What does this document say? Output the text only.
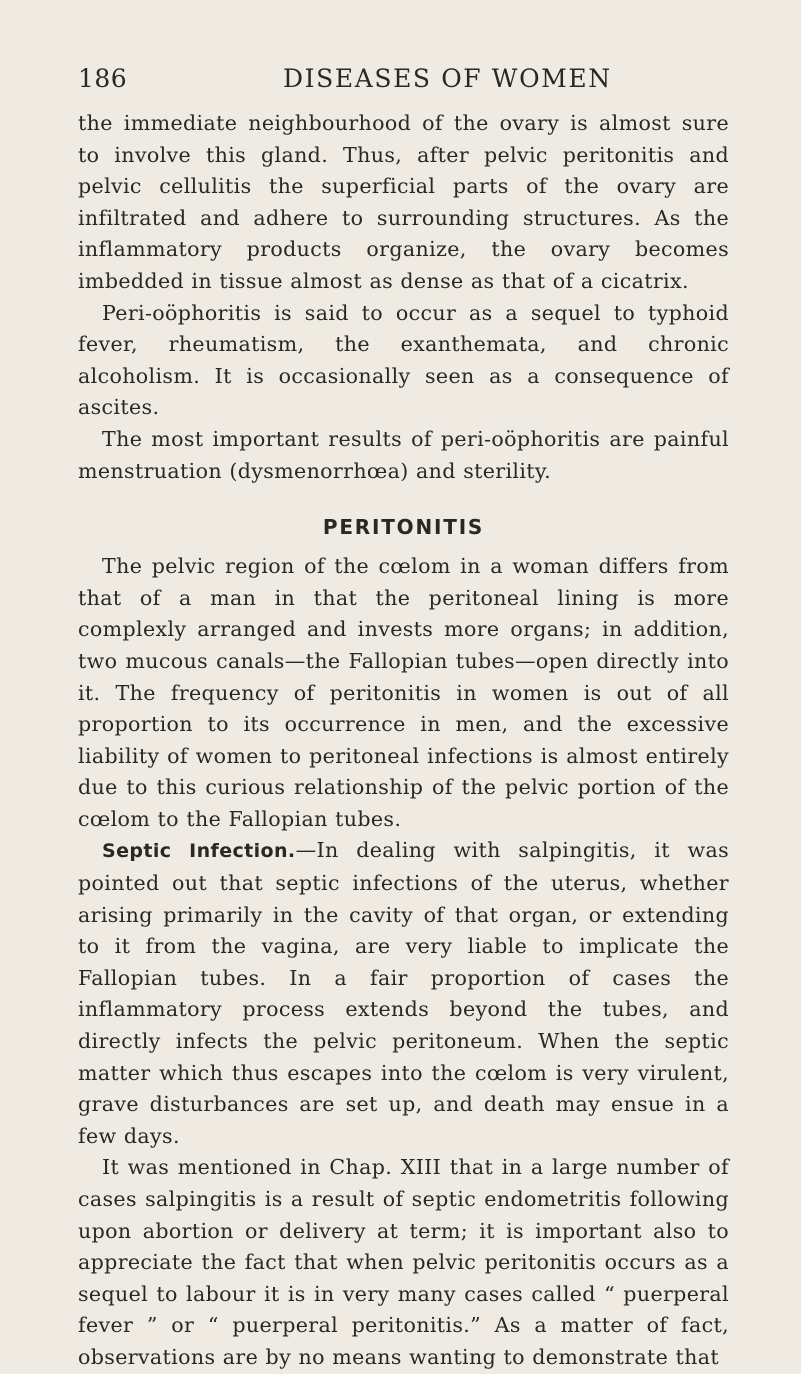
186	DISEASES OF WOMEN

the immediate neighbourhood of the ovary is almost sure to involve this gland. Thus, after pelvic peritonitis and pelvic cellulitis the superficial parts of the ovary are infiltrated and adhere to surrounding structures. As the inflammatory products organize, the ovary becomes imbedded in tissue almost as dense as that of a cicatrix.

Peri-oöphoritis is said to occur as a sequel to typhoid fever, rheumatism, the exanthemata, and chronic alcoholism. It is occasionally seen as a consequence of ascites.

The most important results of peri-oöphoritis are painful menstruation (dysmenorrhœa) and sterility.

PERITONITIS

The pelvic region of the cœlom in a woman differs from that of a man in that the peritoneal lining is more complexly arranged and invests more organs; in addition, two mucous canals—the Fallopian tubes—open directly into it. The frequency of peritonitis in women is out of all proportion to its occurrence in men, and the excessive liability of women to peritoneal infections is almost entirely due to this curious relationship of the pelvic portion of the cœlom to the Fallopian tubes.

Septic Infection.—In dealing with salpingitis, it was pointed out that septic infections of the uterus, whether arising primarily in the cavity of that organ, or extending to it from the vagina, are very liable to implicate the Fallopian tubes. In a fair proportion of cases the inflammatory process extends beyond the tubes, and directly infects the pelvic peritoneum. When the septic matter which thus escapes into the cœlom is very virulent, grave disturbances are set up, and death may ensue in a few days.

It was mentioned in Chap. XIII that in a large number of cases salpingitis is a result of septic endometritis following upon abortion or delivery at term; it is important also to appreciate the fact that when pelvic peritonitis occurs as a sequel to labour it is in very many cases called “ puerperal fever ” or “ puerperal peritonitis.” As a matter of fact, observations are by no means wanting to demonstrate that
